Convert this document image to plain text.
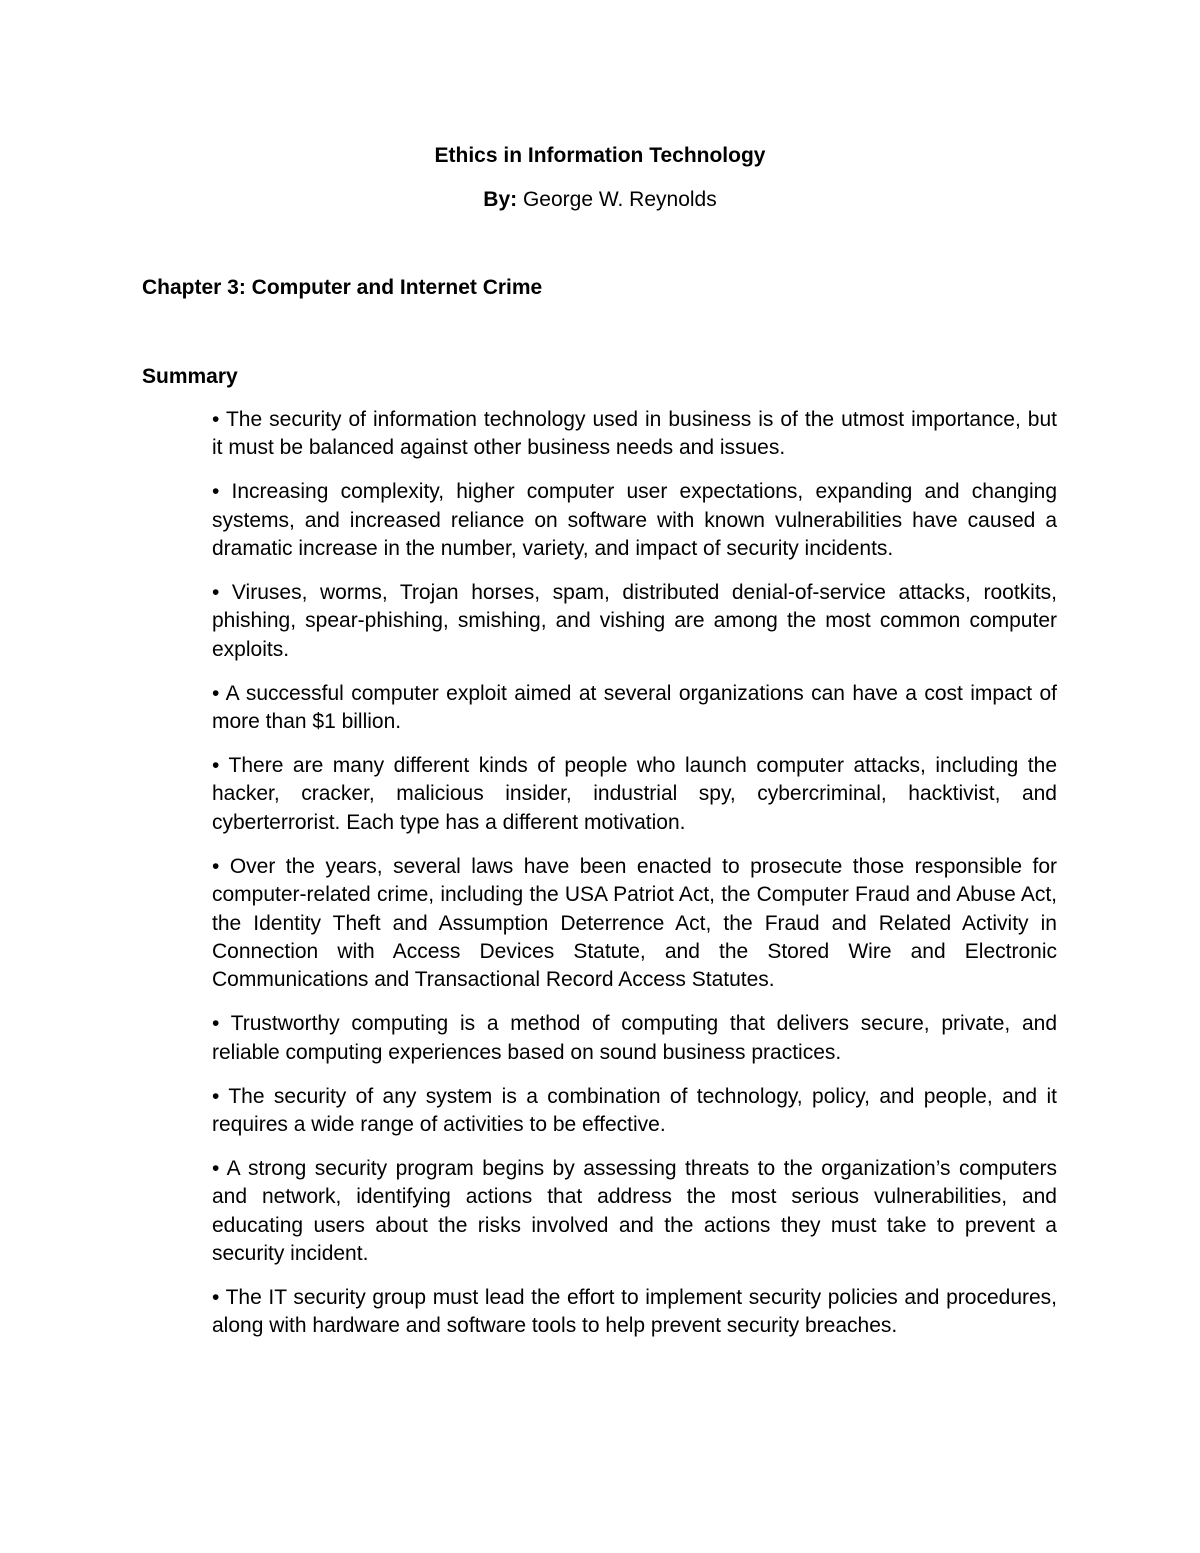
Ethics in Information Technology
By: George W. Reynolds
Chapter 3: Computer and Internet Crime
Summary
• The security of information technology used in business is of the utmost importance, but it must be balanced against other business needs and issues.
• Increasing complexity, higher computer user expectations, expanding and changing systems, and increased reliance on software with known vulnerabilities have caused a dramatic increase in the number, variety, and impact of security incidents.
• Viruses, worms, Trojan horses, spam, distributed denial-of-service attacks, rootkits, phishing, spear-phishing, smishing, and vishing are among the most common computer exploits.
• A successful computer exploit aimed at several organizations can have a cost impact of more than $1 billion.
• There are many different kinds of people who launch computer attacks, including the hacker, cracker, malicious insider, industrial spy, cybercriminal, hacktivist, and cyberterrorist. Each type has a different motivation.
• Over the years, several laws have been enacted to prosecute those responsible for computer-related crime, including the USA Patriot Act, the Computer Fraud and Abuse Act, the Identity Theft and Assumption Deterrence Act, the Fraud and Related Activity in Connection with Access Devices Statute, and the Stored Wire and Electronic Communications and Transactional Record Access Statutes.
• Trustworthy computing is a method of computing that delivers secure, private, and reliable computing experiences based on sound business practices.
• The security of any system is a combination of technology, policy, and people, and it requires a wide range of activities to be effective.
• A strong security program begins by assessing threats to the organization’s computers and network, identifying actions that address the most serious vulnerabilities, and educating users about the risks involved and the actions they must take to prevent a security incident.
• The IT security group must lead the effort to implement security policies and procedures, along with hardware and software tools to help prevent security breaches.
